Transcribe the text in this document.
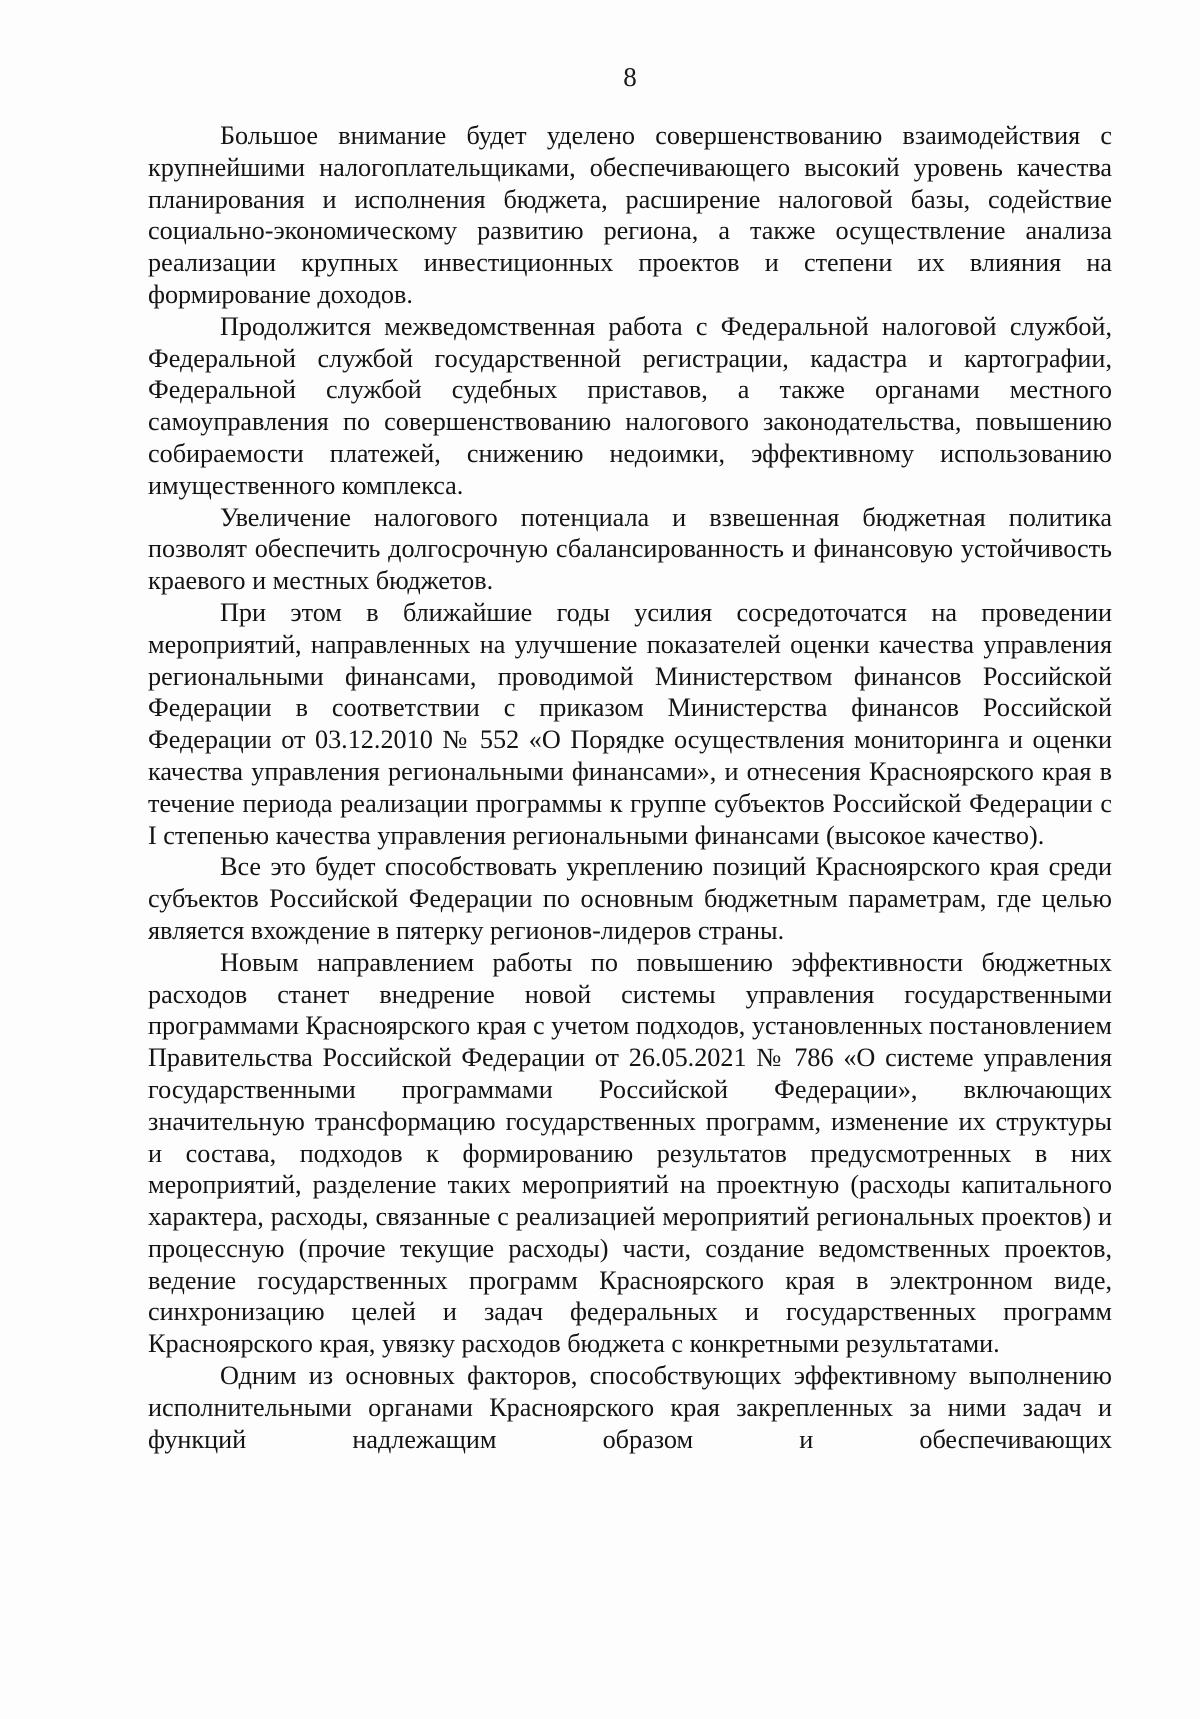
8

Большое внимание будет уделено совершенствованию взаимодействия с крупнейшими налогоплательщиками, обеспечивающего высокий уровень качества планирования и исполнения бюджета, расширение налоговой базы, содействие социально-экономическому развитию региона, а также осуществление анализа реализации крупных инвестиционных проектов и степени их влияния на формирование доходов.

Продолжится межведомственная работа с Федеральной налоговой службой, Федеральной службой государственной регистрации, кадастра и картографии, Федеральной службой судебных приставов, а также органами местного самоуправления по совершенствованию налогового законодательства, повышению собираемости платежей, снижению недоимки, эффективному использованию имущественного комплекса.

Увеличение налогового потенциала и взвешенная бюджетная политика позволят обеспечить долгосрочную сбалансированность и финансовую устойчивость краевого и местных бюджетов.

При этом в ближайшие годы усилия сосредоточатся на проведении мероприятий, направленных на улучшение показателей оценки качества управления региональными финансами, проводимой Министерством финансов Российской Федерации в соответствии с приказом Министерства финансов Российской Федерации от 03.12.2010 № 552 «О Порядке осуществления мониторинга и оценки качества управления региональными финансами», и отнесения Красноярского края в течение периода реализации программы к группе субъектов Российской Федерации с I степенью качества управления региональными финансами (высокое качество).

Все это будет способствовать укреплению позиций Красноярского края среди субъектов Российской Федерации по основным бюджетным параметрам, где целью является вхождение в пятерку регионов-лидеров страны.

Новым направлением работы по повышению эффективности бюджетных расходов станет внедрение новой системы управления государственными программами Красноярского края с учетом подходов, установленных постановлением Правительства Российской Федерации от 26.05.2021 № 786 «О системе управления государственными программами Российской Федерации», включающих значительную трансформацию государственных программ, изменение их структуры и состава, подходов к формированию результатов предусмотренных в них мероприятий, разделение таких мероприятий на проектную (расходы капитального характера, расходы, связанные с реализацией мероприятий региональных проектов) и процессную (прочие текущие расходы) части, создание ведомственных проектов, ведение государственных программ Красноярского края в электронном виде, синхронизацию целей и задач федеральных и государственных программ Красноярского края, увязку расходов бюджета с конкретными результатами.

Одним из основных факторов, способствующих эффективному выполнению исполнительными органами Красноярского края закрепленных за ними задач и функций надлежащим образом и обеспечивающих
